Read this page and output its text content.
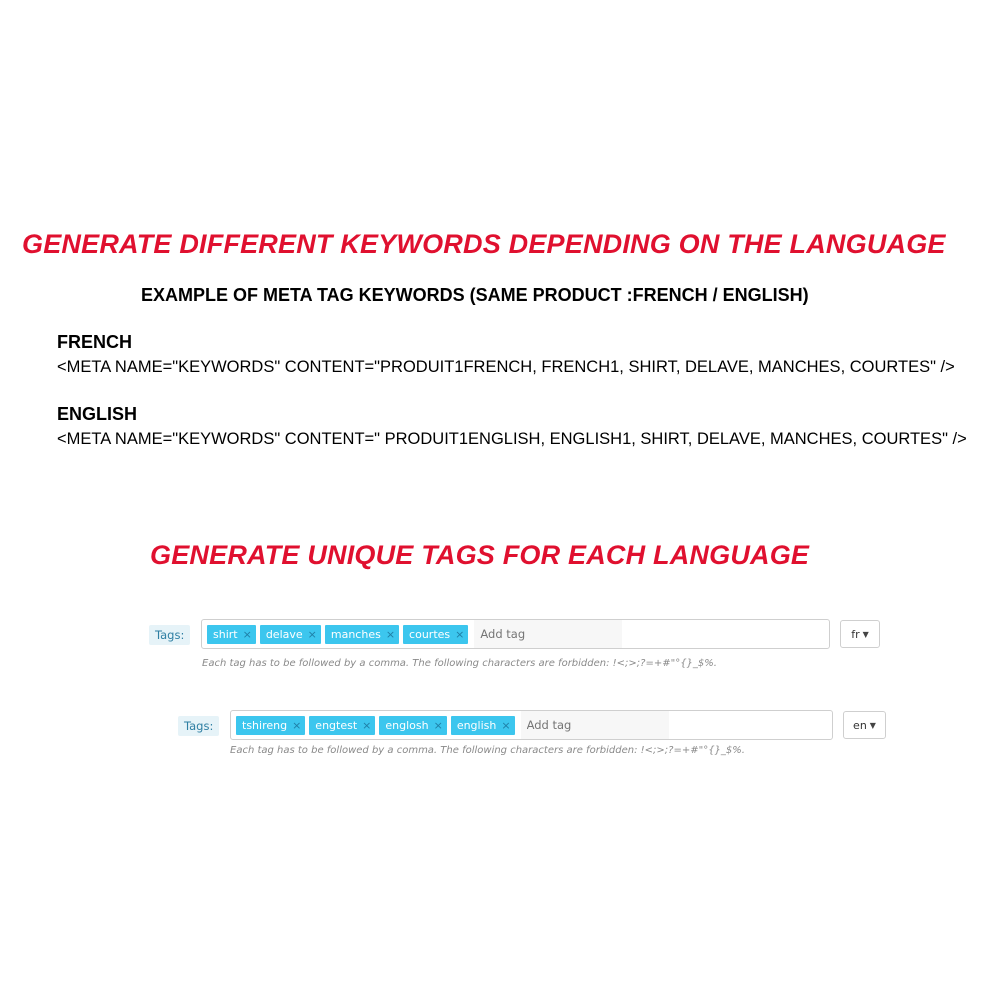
GENERATE DIFFERENT KEYWORDS DEPENDING ON THE LANGUAGE
EXAMPLE OF META TAG KEYWORDS (SAME PRODUCT :FRENCH / ENGLISH)
FRENCH
<META NAME="KEYWORDS" CONTENT="PRODUIT1FRENCH, FRENCH1, SHIRT, DELAVE, MANCHES, COURTES" />
ENGLISH
<META NAME="KEYWORDS" CONTENT=" PRODUIT1ENGLISH, ENGLISH1, SHIRT, DELAVE, MANCHES, COURTES" />
GENERATE UNIQUE TAGS FOR EACH LANGUAGE
Tags:	shirt × delave × manches × courtes ×
Add tag	fr ▼
Each tag has to be followed by a comma. The following characters are forbidden: !<;>;?=+#"°{}_$%.
Tags:	tshireng × engtest × englosh × english ×
Add tag	en ▼
Each tag has to be followed by a comma. The following characters are forbidden: !<;>;?=+#"°{}_$%.
